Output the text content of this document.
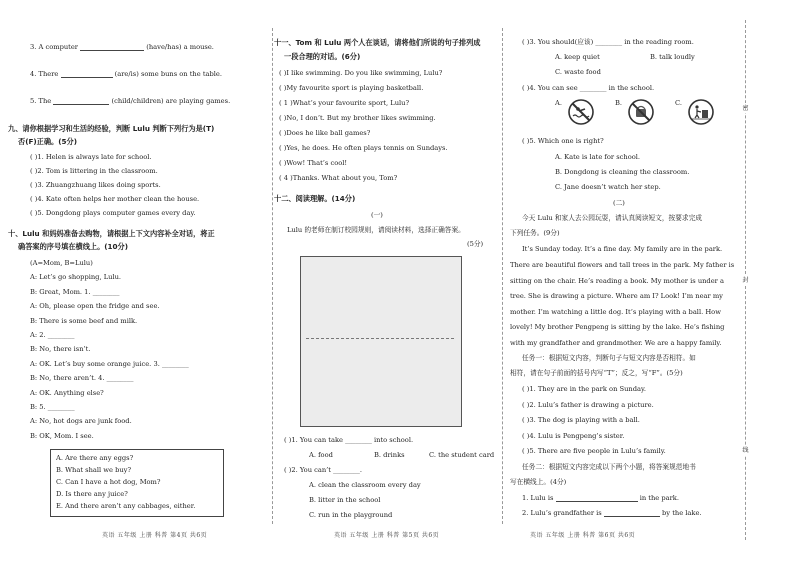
密
封
线
3. A computer	(have/has) a mouse.
4. There	(are/is) some buns on the table.
5. The	(child/children) are playing games.
九、请你根据学习和生活的经验，判断 Lulu 判断下列行为是(T)
否(F)正确。(5分)
( )1. Helen is always late for school.
( )2. Tom is littering in the classroom.
( )3. Zhuangzhuang likes doing sports.
( )4. Kate often helps her mother clean the house.
( )5. Dongdong plays computer games every day.
十、Lulu 和妈妈准备去购物，请根据上下文内容补全对话，将正
确答案的序号填在横线上。(10分)
(A=Mom, B=Lulu)
A: Let’s go shopping, Lulu.
B: Great, Mom. 1. ________
A: Oh, please open the fridge and see.
B: There is some beef and milk.
A: 2. ________
B: No, there isn’t.
A: OK. Let’s buy some orange juice. 3. ________
B: No, there aren’t. 4. ________
A: OK. Anything else?
B: 5. ________
A: No, hot dogs are junk food.
B: OK, Mom. I see.
A. Are there any eggs?
B. What shall we buy?
C. Can I have a hot dog, Mom?
D. Is there any juice?
E. And there aren’t any cabbages, either.
英语 五年级 上册 科普 第4页 共6页
十一、Tom 和 Lulu 两个人在谈话，请将他们所说的句子排列成
一段合理的对话。(6分)
( )I like swimming. Do you like swimming, Lulu?
( )My favourite sport is playing basketball.
( 1 )What’s your favourite sport, Lulu?
( )No, I don’t. But my brother likes swimming.
( )Does he like ball games?
( )Yes, he does. He often plays tennis on Sundays.
( )Wow! That’s cool!
( 4 )Thanks. What about you, Tom?
十二、阅读理解。(14分)
(一)
Lulu 的老师在制订校园规则，请阅读材料，选择正确答案。
(5分)
( )1. You can take ________ into school.
A. food	B. drinks	C. the student card
( )2. You can’t ________.
A. clean the classroom every day
B. litter in the school
C. run in the playground
英语 五年级 上册 科普 第5页 共6页
( )3. You should(应该) ________ in the reading room.
A. keep quiet	B. talk loudly
C. waste food
( )4. You can see ________ in the school.
A.	B.	C.
( )5. Which one is right?
A. Kate is late for school.
B. Dongdong is cleaning the classroom.
C. Jane doesn’t watch her step.
(二)
今天 Lulu 和家人去公园玩耍，请认真阅读短文，按要求完成
下列任务。(9分)
It’s Sunday today. It’s a fine day. My family are in the park.
There are beautiful flowers and tall trees in the park. My father is
sitting on the chair. He’s reading a book. My mother is under a
tree. She is drawing a picture. Where am I? Look! I’m near my
mother. I’m watching a little dog. It’s playing with a ball. How
lovely! My brother Pengpeng is sitting by the lake. He’s fishing
with my grandfather and grandmother. We are a happy family.
任务一：根据短文内容，判断句子与短文内容是否相符。如
相符，请在句子前面的括号内写“T”；反之，写“F”。(5分)
( )1. They are in the park on Sunday.
( )2. Lulu’s father is drawing a picture.
( )3. The dog is playing with a ball.
( )4. Lulu is Pengpeng’s sister.
( )5. There are five people in Lulu’s family.
任务二：根据短文内容完成以下两个小题，将答案规范地书
写在横线上。(4分)
1. Lulu is	in the park.
2. Lulu’s grandfather is	by the lake.
英语 五年级 上册 科普 第6页 共6页
